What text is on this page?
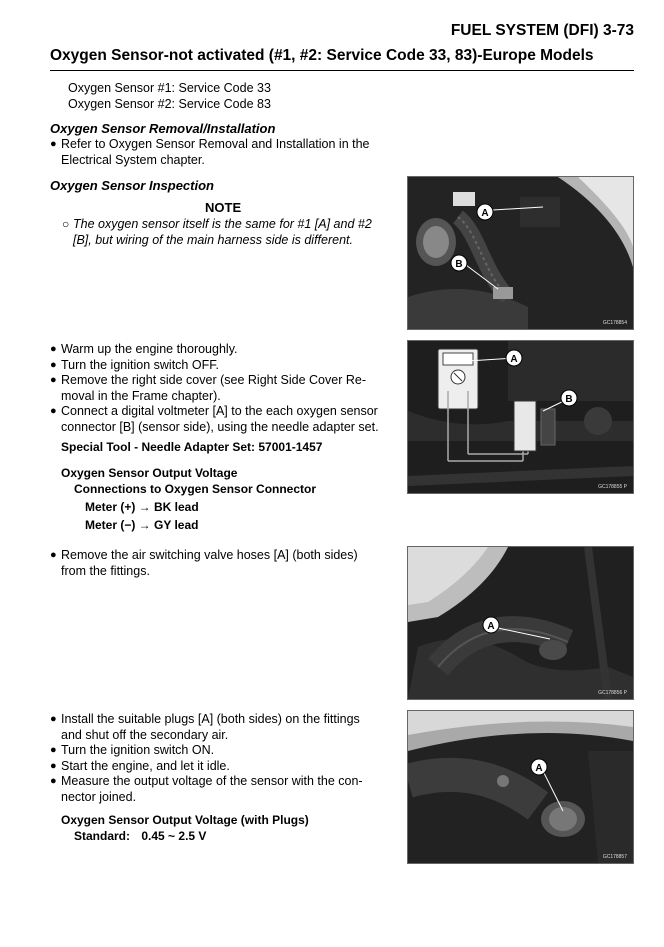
FUEL SYSTEM (DFI) 3-73
Oxygen Sensor-not activated (#1, #2: Service Code 33, 83)-Europe Models
Oxygen Sensor #1: Service Code 33
Oxygen Sensor #2: Service Code 83
Oxygen Sensor Removal/Installation
● Refer to Oxygen Sensor Removal and Installation in the
Electrical System chapter.
Oxygen Sensor Inspection
NOTE
○ The oxygen sensor itself is the same for #1 [A] and #2
[B], but wiring of the main harness side is different.
● Warm up the engine thoroughly.
● Turn the ignition switch OFF.
● Remove the right side cover (see Right Side Cover Re-
moval in the Frame chapter).
● Connect a digital voltmeter [A] to the each oxygen sensor
connector [B] (sensor side), using the needle adapter set.
Special Tool - Needle Adapter Set: 57001-1457
Oxygen Sensor Output Voltage
Connections to Oxygen Sensor Connector
Meter (+) → BK lead
Meter (−) → GY lead
● Remove the air switching valve hoses [A] (both sides)
from the fittings.
● Install the suitable plugs [A] (both sides) on the fittings
and shut off the secondary air.
● Turn the ignition switch ON.
● Start the engine, and let it idle.
● Measure the output voltage of the sensor with the con-
nector joined.
Oxygen Sensor Output Voltage (with Plugs)
Standard: 0.45 ~ 2.5 V
A
B
GC178854
A
B
GC178855 P
A
GC178856 P
A
GC178857
